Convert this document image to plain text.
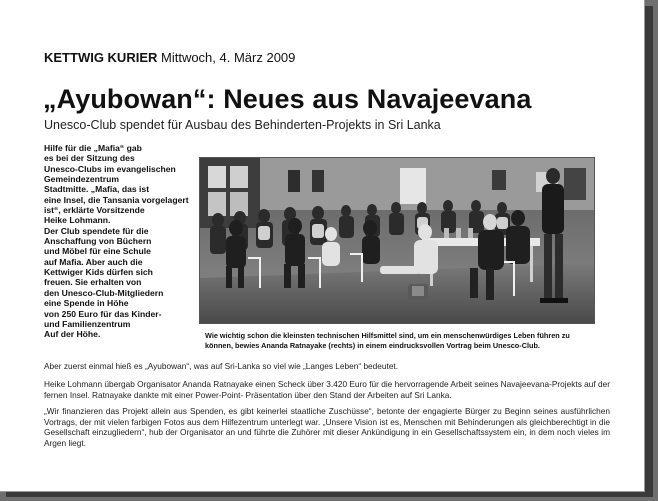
KETTWIG KURIER Mittwoch, 4. März 2009
„Ayubowan“: Neues aus Navajeevana
Unesco-Club spendet für Ausbau des Behinderten-Projekts in Sri Lanka
Hilfe für die „Mafia“ gab
es bei der Sitzung des
Unesco-Clubs im evangelischen
Gemeindezentrum
Stadtmitte. „Mafia, das ist
eine Insel, die Tansania vorgelagert
ist“, erklärte Vorsitzende
Heike Lohmann.
Der Club spendete für die
Anschaffung von Büchern
und Möbel für eine Schule
auf Mafia. Aber auch die
Kettwiger Kids dürfen sich
freuen. Sie erhalten von
den Unesco-Club-Mitgliedern
eine Spende in Höhe
von 250 Euro für das Kinder-
und Familienzentrum
Auf der Höhe.	Wie wichtig schon die kleinsten technischen Hilfsmittel sind, um ein menschenwürdiges Leben führen zu können, bewies Ananda Ratnayake (rechts) in einem eindrucksvollen Vortrag beim Unesco-Club.
Aber zuerst einmal hieß es „Ayubowan“, was auf Sri-Lanka so viel wie „Langes Leben“ bedeutet.
Heike Lohmann übergab Organisator Ananda Ratnayake einen Scheck über 3.420 Euro für die hervorragende Arbeit seines Navajeevana-Projekts auf der fernen Insel. Ratnayake dankte mit einer Power-Point- Präsentation über den Stand der Arbeiten auf Sri Lanka.
„Wir finanzieren das Projekt allein aus Spenden, es gibt keinerlei staatliche Zuschüsse“, betonte der engagierte Bürger zu Beginn seines ausführlichen Vortrags, der mit vielen farbigen Fotos aus dem Hilfezentrum unterlegt war. „Unsere Vision ist es, Menschen mit Behinderungen als gleichberechtigt in die Gesellschaft einzugliedern“, hub der Organisator an und führte die Zuhörer mit dieser Ankündigung in ein Gesellschaftssystem ein, in dem noch vieles im Argen liegt.
